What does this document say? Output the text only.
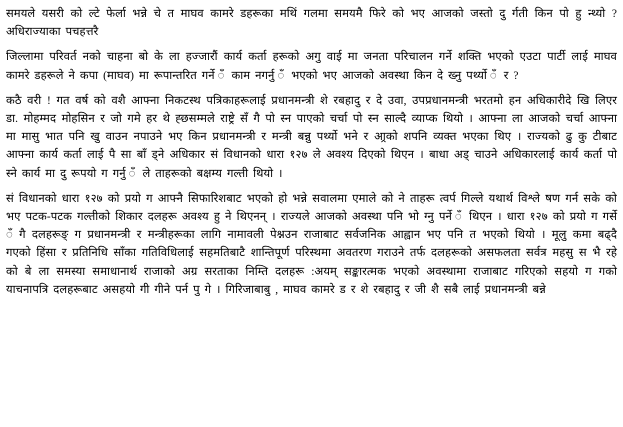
समयले यसरी को ल्टे फेर्ला भन्ने चे त माघव कामरे डहरूका मथिं गलमा समयमै फिरे को भए आजको जस्तो दु र्गती किन पो हु न्थ्यो ? अधिराज्याका पचहत्तरै

जिल्लामा परिवर्त नको चाहना बो के ला हज्जारौं कार्य कर्ता हरूको अगु वाई मा जनता परिचालन गर्ने शक्ति भएको एउटा पार्टी लाई माघव कामरे डहरूले ने कपा (माघव) मा रूपान्तरित गर्ने ँ काम नगर्नु ँ भएको भए आजको अवस्था किन दे ख्नु पर्थ्यो ँ र ?

कठै वरी ! गत वर्ष को वशै आफ्ना निकटस्थ पत्रिकाहरूलाई प्रधानमन्त्री शे रबहादु र दे उवा, उपप्रधानमन्त्री भरतमो हन अधिकारीदे खि लिएर डा. मोहम्मद मोहसिन र जो गमे हर थे ह्छसम्मले राष्ट्रे सँ गै पो स्न पाएको चर्चा पो स्न साल्दै व्याप्क थियो । आफ्ना ला आजको चर्चा आफ्ना मा मासु भात पनि खु वाउन नपाउने भए किन प्रधानमन्त्री र मन्त्री बन्नु पर्थ्यो भने र आ्रको शपनि व्यक्त भएका थिए । राज्यको ढु कु टीबाट आफ्ना कार्य कर्ता लाई पै सा बाँ ड्ने अधिकार सं विधानको धारा १२७ ले अवश्य दिएको थिएन । बाधा अड् चाउने अधिकारलाई कार्य कर्ता पो स्ने कार्य मा दु रूपयो ग गर्नु ँ ले ताहरूको बक्षम्य गल्ती थियो ।

सं विधानको धारा १२७ को प्रयो ग आफ्नै सिफारिशबाट भएको हो भन्ने सवालमा एमाले को ने ताहरू त्वर्प गिल्ले यथार्थ विश्ले षण गर्न सके को भए पटक-पटक गल्तीको शिकार दलहरू अवश्य हु ने थिएनन् । राज्यले आजको अवस्था पनि भो ग्नु पर्ने ँ थिएन । धारा १२७ को प्रयो ग गर्से ँ गै दलहरूङ् ग प्रधानमन्त्री र मन्त्रीहरूका लागि नामावली पेश्नउन राजाबाट सर्वजनिक आह्वान भए पनि त भएको थियो । मूलु कमा बढ्दै गएको हिंसा र प्रतिनिधि साँका गतिविधिलाई सहमतिबाटै शान्तिपूर्ण परिस्थमा अवतरण गराउने तर्फ दलहरूको असफलता सर्वत्र महसु स भै रहे को बे ला समस्या समाधानार्थ राजाको अग्र सरताका निम्ति दलहरू :अयम् सङ्कारत्मक भएको अवस्थामा राजाबाट गरिएको सहयो ग गको याचनापत्रि दलहरूबाट असहयो गी गीने पर्न पु गे । गिरिजाबाबु , माघव कामरे ड र शे रबहादु र जी शै सबै लाई प्रधानमन्त्री बन्ने
